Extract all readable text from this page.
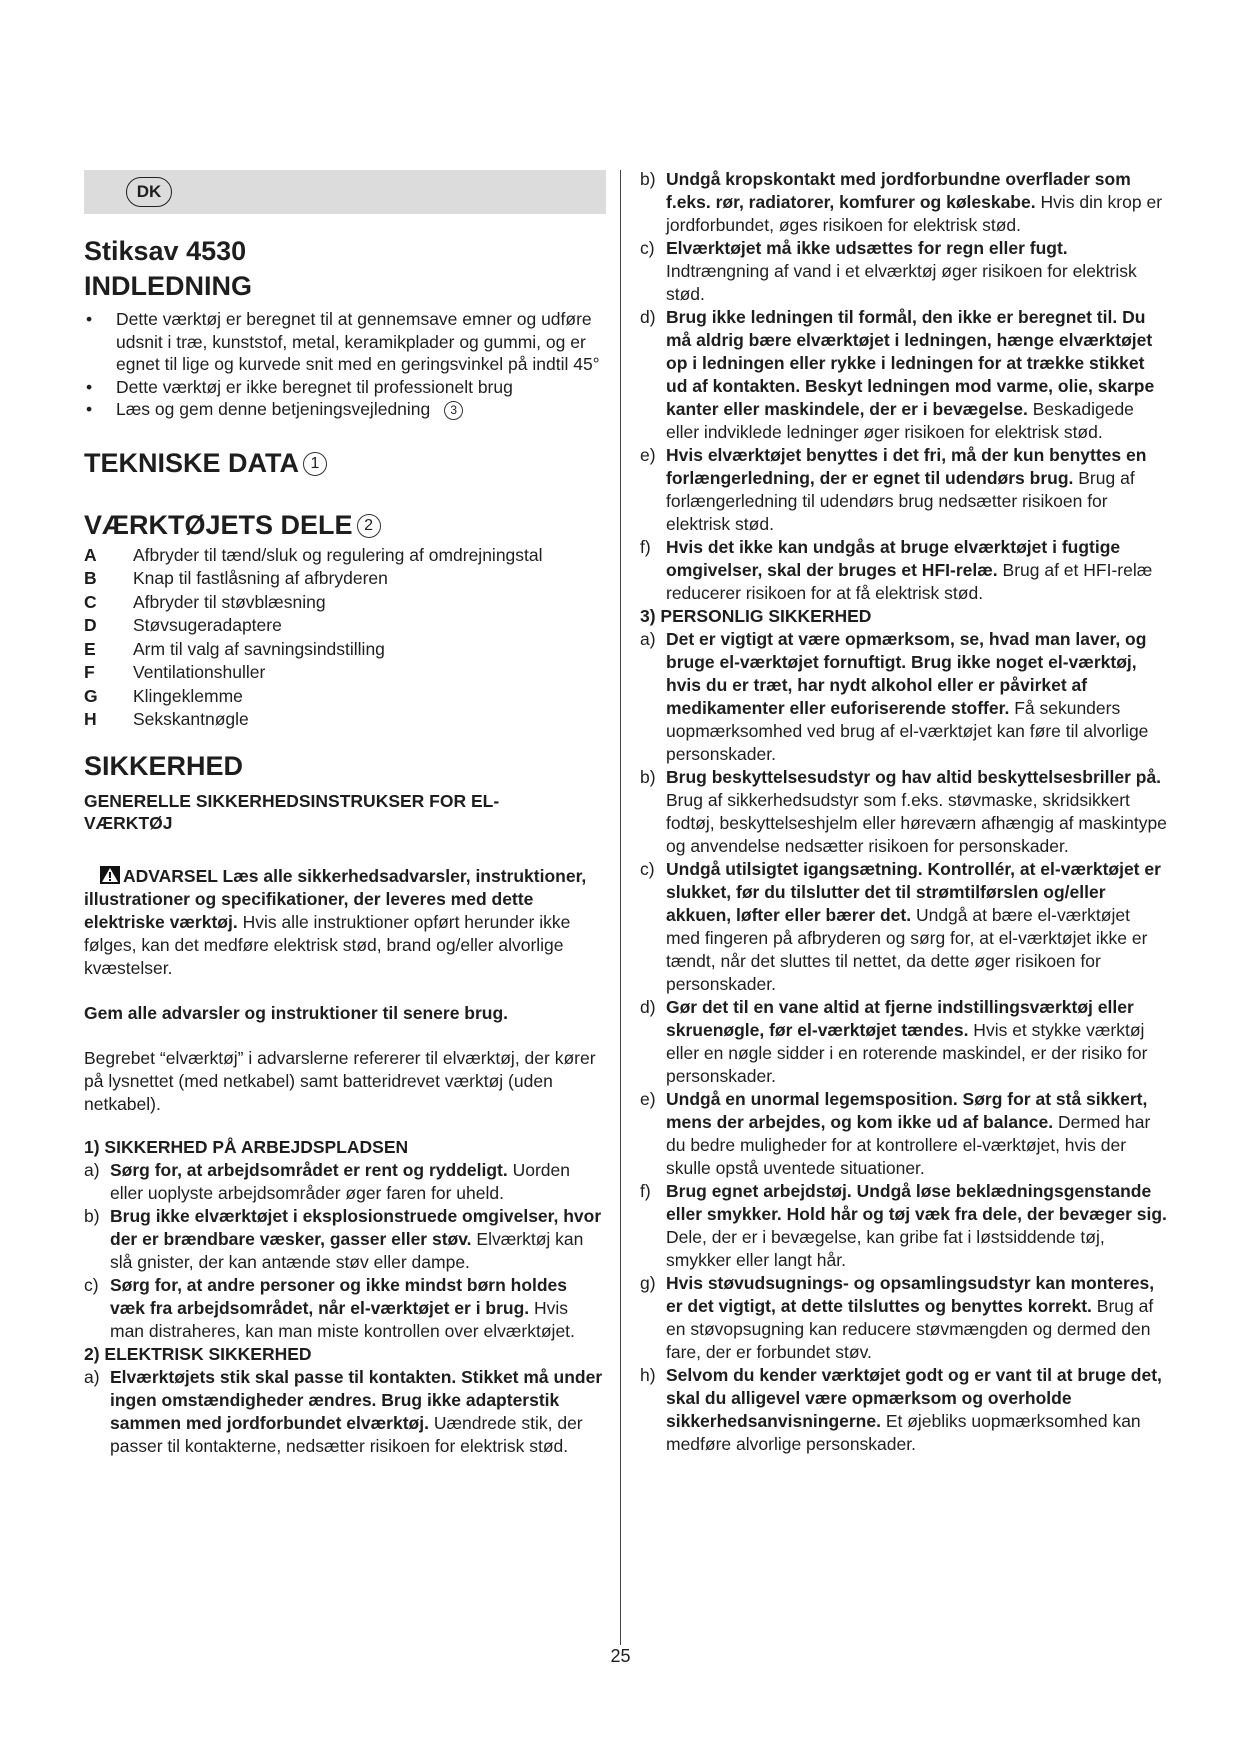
DK
Stiksav 4530
INDLEDNING
• Dette værktøj er beregnet til at gennemsave emner og udføre udsnit i træ, kunststof, metal, keramikplader og gummi, og er egnet til lige og kurvede snit med en geringsvinkel på indtil 45°
• Dette værktøj er ikke beregnet til professionelt brug
• Læs og gem denne betjeningsvejledning 3
TEKNISKE DATA 1
VÆRKTØJETS DELE 2
A	Afbryder til tænd/sluk og regulering af omdrejningstal
B	Knap til fastlåsning af afbryderen
C	Afbryder til støvblæsning
D	Støvsugeradaptere
E	Arm til valg af savningsindstilling
F	Ventilationshuller
G	Klingeklemme
H	Sekskantnøgle
SIKKERHED

GENERELLE SIKKERHEDSINSTRUKSER FOR EL-VÆRKTØJ

ADVARSEL Læs alle sikkerhedsadvarsler, instruktioner, illustrationer og specifikationer, der leveres med dette elektriske værktøj. Hvis alle instruktioner opført herunder ikke følges, kan det medføre elektrisk stød, brand og/eller alvorlige kvæstelser.

Gem alle advarsler og instruktioner til senere brug.

Begrebet “elværktøj” i advarslerne refererer til elværktøj, der kører på lysnettet (med netkabel) samt batteridrevet værktøj (uden netkabel).

1) SIKKERHED PÅ ARBEJDSPLADSEN
a) Sørg for, at arbejdsområdet er rent og ryddeligt. Uorden eller uoplyste arbejdsområder øger faren for uheld.
b) Brug ikke elværktøjet i eksplosionstruede omgivelser, hvor der er brændbare væsker, gasser eller støv. Elværktøj kan slå gnister, der kan antænde støv eller dampe.
c) Sørg for, at andre personer og ikke mindst børn holdes væk fra arbejdsområdet, når el-værktøjet er i brug. Hvis man distraheres, kan man miste kontrollen over elværktøjet.
2) ELEKTRISK SIKKERHED
a) Elværktøjets stik skal passe til kontakten. Stikket må under ingen omstændigheder ændres. Brug ikke adapterstik sammen med jordforbundet elværktøj. Uændrede stik, der passer til kontakterne, nedsætter risikoen for elektrisk stød.
b) Undgå kropskontakt med jordforbundne overflader som f.eks. rør, radiatorer, komfurer og køleskabe. Hvis din krop er jordforbundet, øges risikoen for elektrisk stød.
c) Elværktøjet må ikke udsættes for regn eller fugt. Indtrængning af vand i et elværktøj øger risikoen for elektrisk stød.
d) Brug ikke ledningen til formål, den ikke er beregnet til. Du må aldrig bære elværktøjet i ledningen, hænge elværktøjet op i ledningen eller rykke i ledningen for at trække stikket ud af kontakten. Beskyt ledningen mod varme, olie, skarpe kanter eller maskindele, der er i bevægelse. Beskadigede eller indviklede ledninger øger risikoen for elektrisk stød.
e) Hvis elværktøjet benyttes i det fri, må der kun benyttes en forlængerledning, der er egnet til udendørs brug. Brug af forlængerledning til udendørs brug nedsætter risikoen for elektrisk stød.
f) Hvis det ikke kan undgås at bruge elværktøjet i fugtige omgivelser, skal der bruges et HFI-relæ. Brug af et HFI-relæ reducerer risikoen for at få elektrisk stød.
3) PERSONLIG SIKKERHED
a) Det er vigtigt at være opmærksom, se, hvad man laver, og bruge el-værktøjet fornuftigt. Brug ikke noget el-værktøj, hvis du er træt, har nydt alkohol eller er påvirket af medikamenter eller euforiserende stoffer. Få sekunders uopmærksomhed ved brug af el-værktøjet kan føre til alvorlige personskader.
b) Brug beskyttelsesudstyr og hav altid beskyttelsesbriller på. Brug af sikkerhedsudstyr som f.eks. støvmaske, skridsikkert fodtøj, beskyttelseshjelm eller høreværn afhængig af maskintype og anvendelse nedsætter risikoen for personskader.
c) Undgå utilsigtet igangsætning. Kontrollér, at el-værktøjet er slukket, før du tilslutter det til strømtilførslen og/eller akkuen, løfter eller bærer det. Undgå at bære el-værktøjet med fingeren på afbryderen og sørg for, at el-værktøjet ikke er tændt, når det sluttes til nettet, da dette øger risikoen for personskader.
d) Gør det til en vane altid at fjerne indstillingsværktøj eller skruenøgle, før el-værktøjet tændes. Hvis et stykke værktøj eller en nøgle sidder i en roterende maskindel, er der risiko for personskader.
e) Undgå en unormal legemsposition. Sørg for at stå sikkert, mens der arbejdes, og kom ikke ud af balance. Dermed har du bedre muligheder for at kontrollere el-værktøjet, hvis der skulle opstå uventede situationer.
f) Brug egnet arbejdstøj. Undgå løse beklædningsgenstande eller smykker. Hold hår og tøj væk fra dele, der bevæger sig. Dele, der er i bevægelse, kan gribe fat i løstsiddende tøj, smykker eller langt hår.
g) Hvis støvudsugnings- og opsamlingsudstyr kan monteres, er det vigtigt, at dette tilsluttes og benyttes korrekt. Brug af en støvopsugning kan reducere støvmængden og dermed den fare, der er forbundet støv.
h) Selvom du kender værktøjet godt og er vant til at bruge det, skal du alligevel være opmærksom og overholde sikkerhedsanvisningerne. Et øjebliks uopmærksomhed kan medføre alvorlige personskader.
25
